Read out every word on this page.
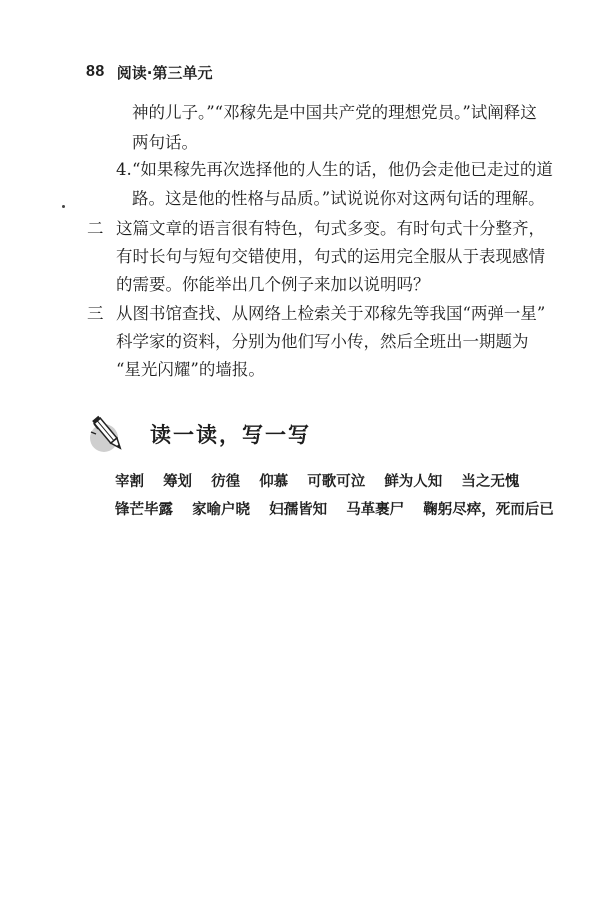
88 阅读·第三单元
神的儿子。”“邓稼先是中国共产党的理想党员。”试阐释这
两句话。
4. “如果稼先再次选择他的人生的话，他仍会走他已走过的道
路。这是他的性格与品质。”试说说你对这两句话的理解。
二 这篇文章的语言很有特色，句式多变。有时句式十分整齐，
有时长句与短句交错使用，句式的运用完全服从于表现感情
的需要。你能举出几个例子来加以说明吗？
三 从图书馆查找、从网络上检索关于邓稼先等我国“两弹一星”
科学家的资料，分别为他们写小传，然后全班出一期题为
“星光闪耀”的墙报。
读一读，写一写
宰割 筹划 彷徨 仰慕 可歌可泣 鲜为人知 当之无愧
锋芒毕露 家喻户晓 妇孺皆知 马革裹尸 鞠躬尽瘁，死而后已
